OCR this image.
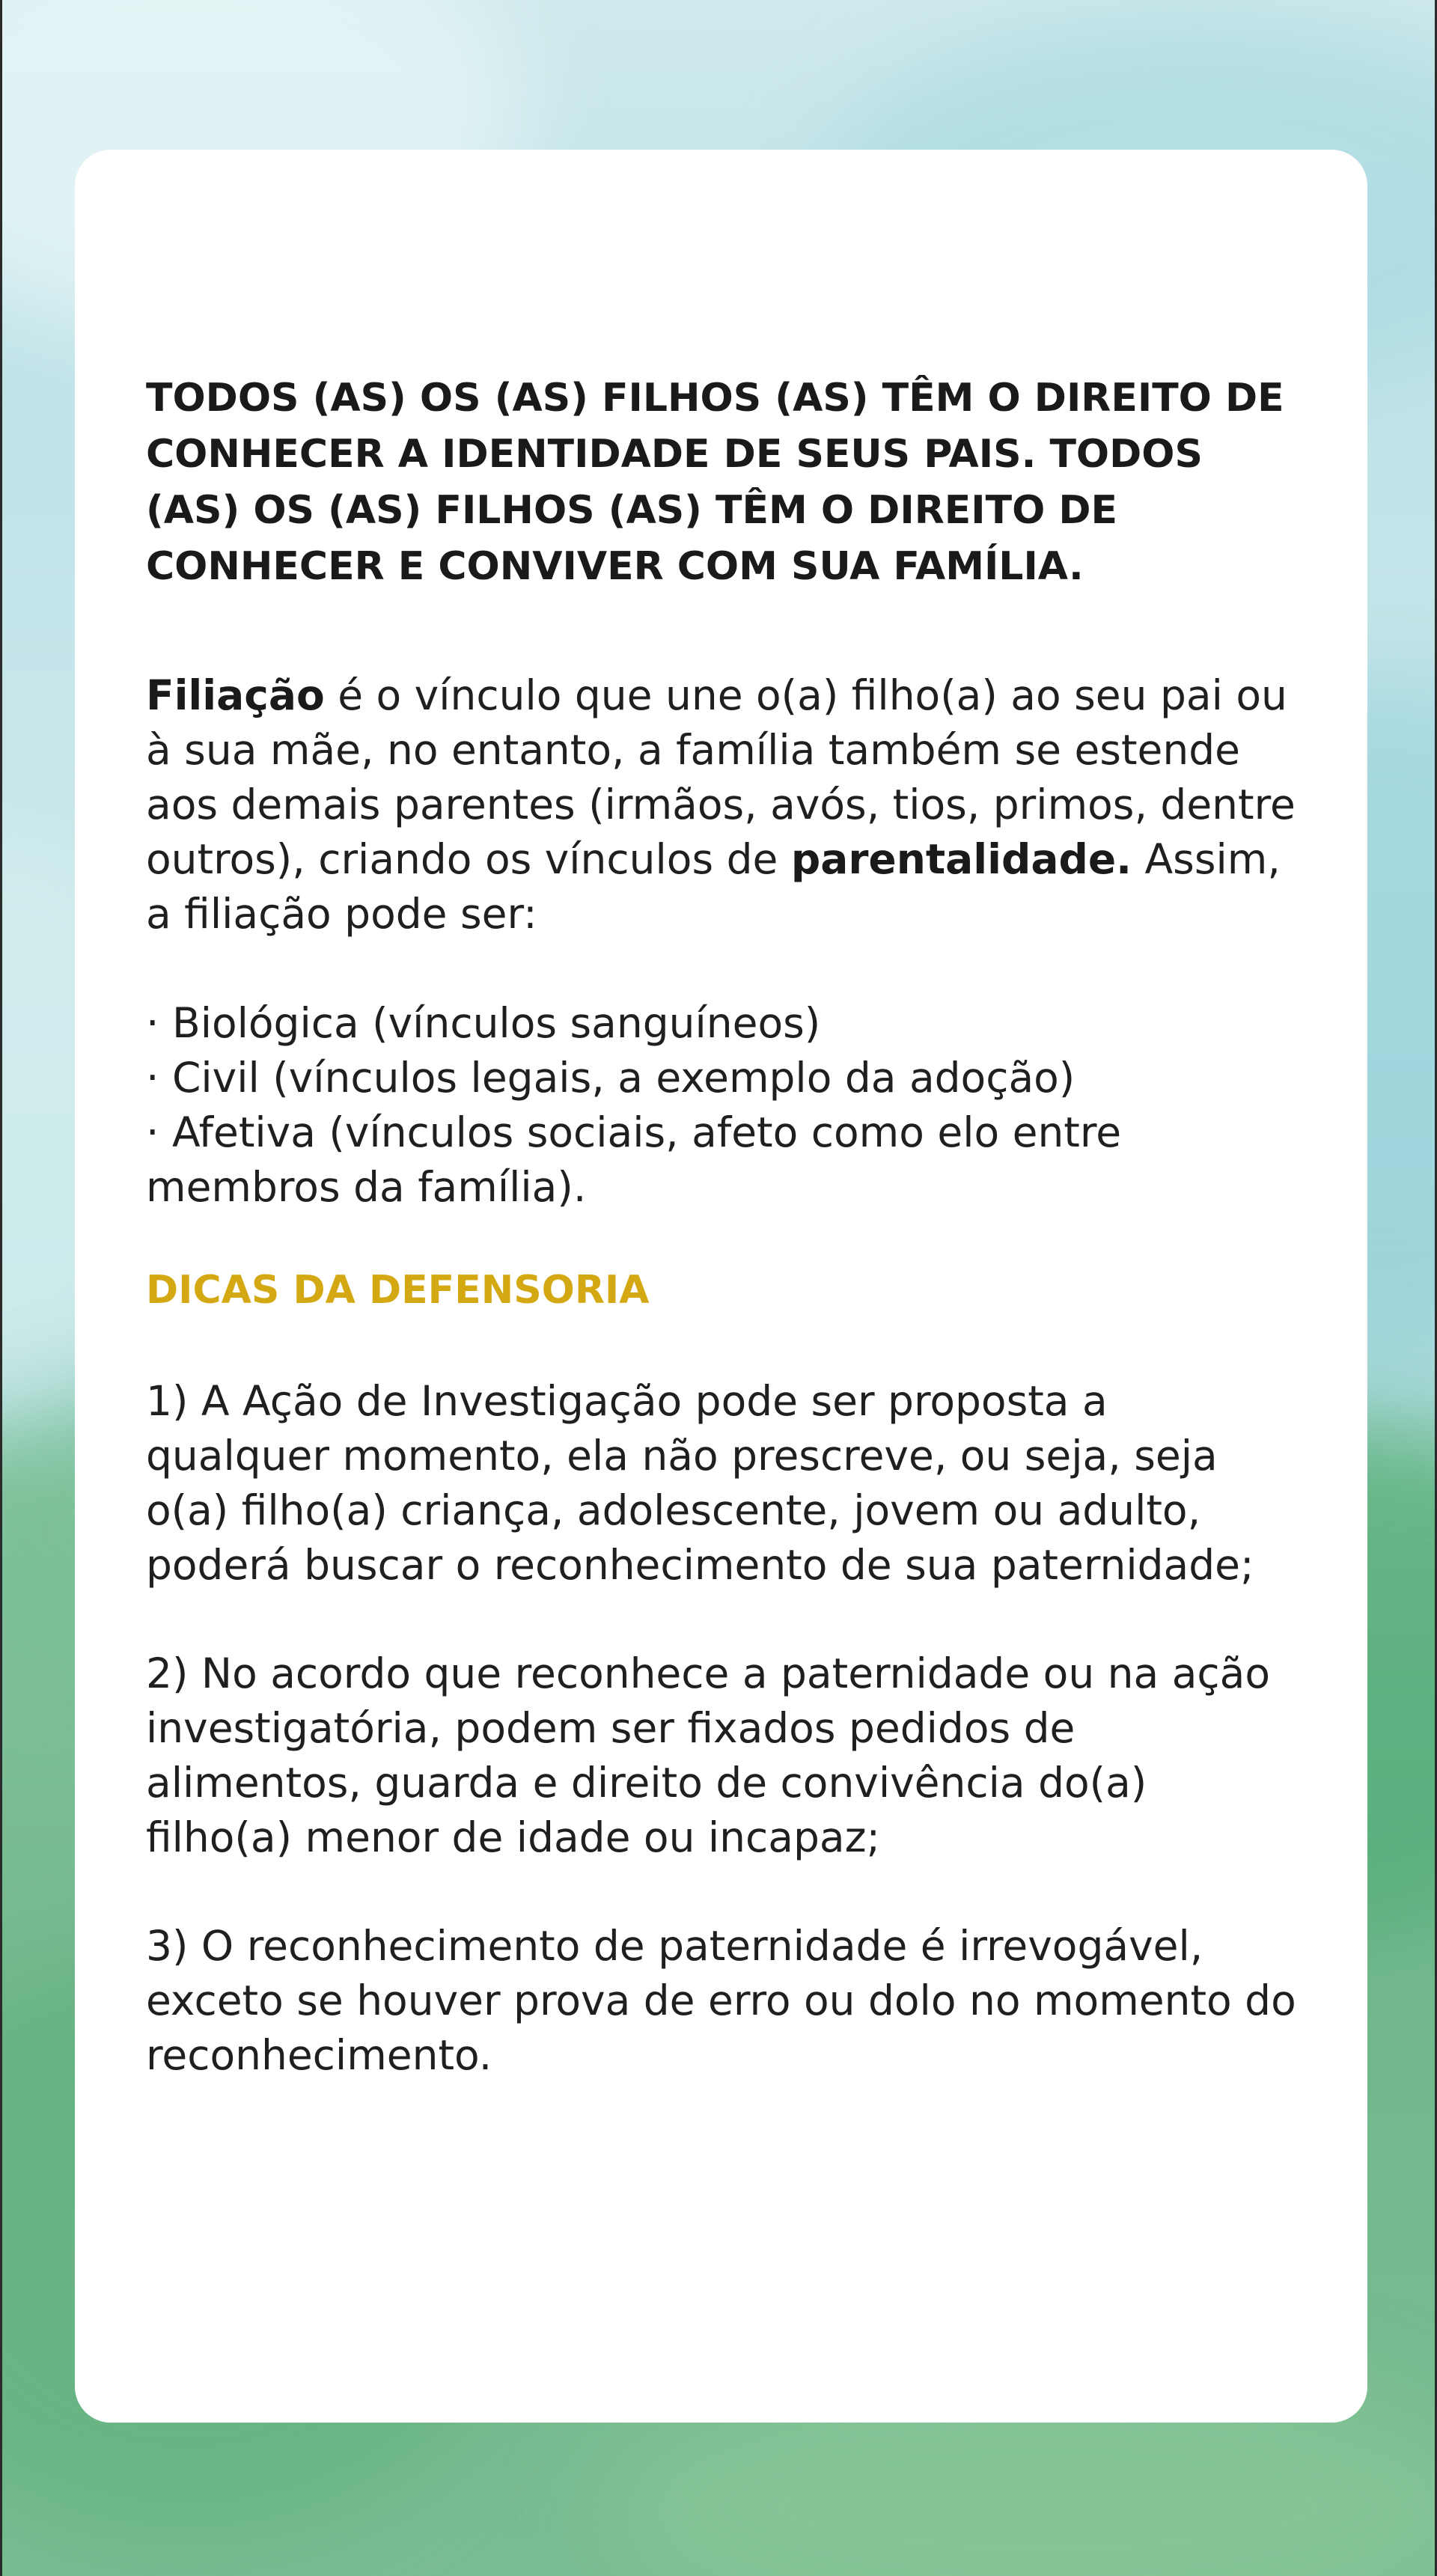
TODOS (AS) OS (AS) FILHOS (AS) TÊM O DIREITO DE CONHECER A IDENTIDADE DE SEUS PAIS. TODOS (AS) OS (AS) FILHOS (AS) TÊM O DIREITO DE CONHECER E CONVIVER COM SUA FAMÍLIA.

Filiação é o vínculo que une o(a) filho(a) ao seu pai ou à sua mãe, no entanto, a família também se estende aos demais parentes (irmãos, avós, tios, primos, dentre outros), criando os vínculos de parentalidade. Assim, a filiação pode ser:

· Biológica (vínculos sanguíneos)
· Civil (vínculos legais, a exemplo da adoção)
· Afetiva (vínculos sociais, afeto como elo entre membros da família).

DICAS DA DEFENSORIA

1) A Ação de Investigação pode ser proposta a qualquer momento, ela não prescreve, ou seja, seja o(a) filho(a) criança, adolescente, jovem ou adulto, poderá buscar o reconhecimento de sua paternidade;

2) No acordo que reconhece a paternidade ou na ação investigatória, podem ser fixados pedidos de alimentos, guarda e direito de convivência do(a) filho(a) menor de idade ou incapaz;

3) O reconhecimento de paternidade é irrevogável, exceto se houver prova de erro ou dolo no momento do reconhecimento.
